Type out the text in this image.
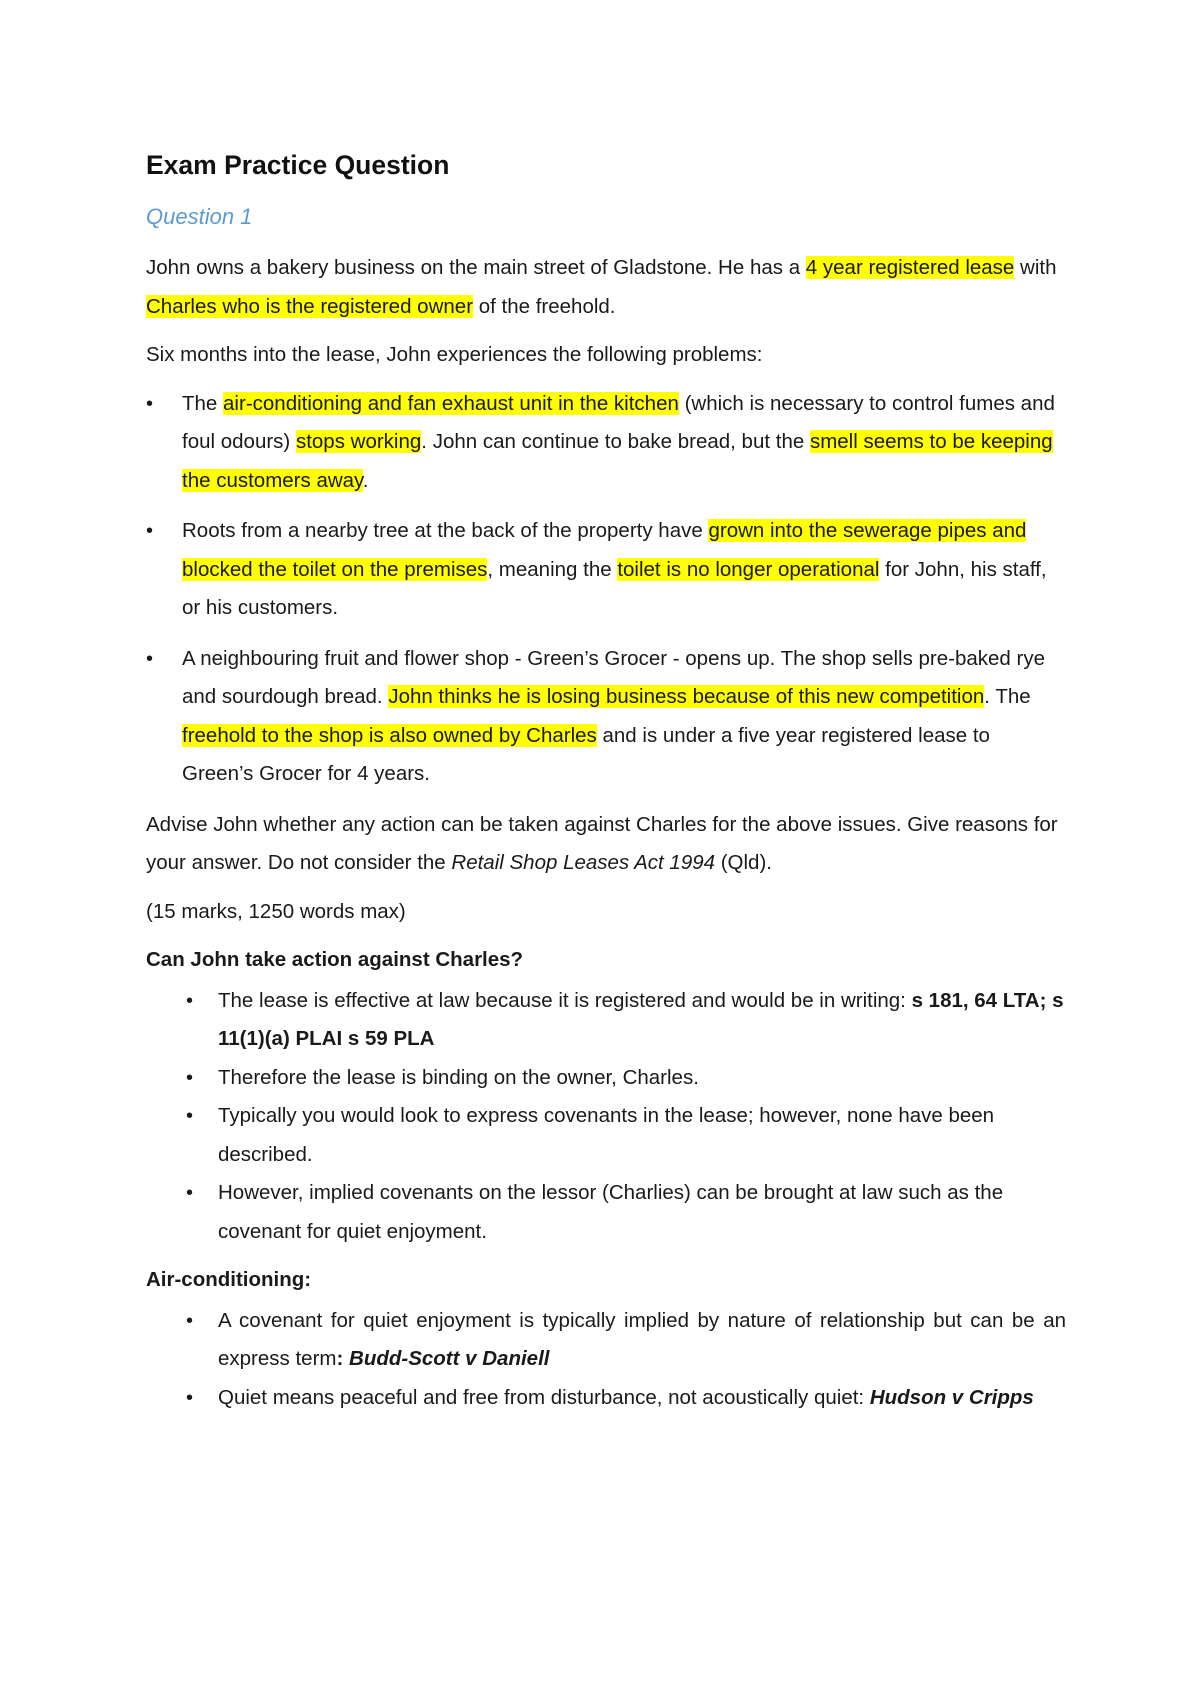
Exam Practice Question
Question 1

John owns a bakery business on the main street of Gladstone. He has a 4 year registered lease with Charles who is the registered owner of the freehold.

Six months into the lease, John experiences the following problems:

• The air-conditioning and fan exhaust unit in the kitchen (which is necessary to control fumes and foul odours) stops working. John can continue to bake bread, but the smell seems to be keeping the customers away.
• Roots from a nearby tree at the back of the property have grown into the sewerage pipes and blocked the toilet on the premises, meaning the toilet is no longer operational for John, his staff, or his customers.
• A neighbouring fruit and flower shop - Green’s Grocer - opens up. The shop sells pre-baked rye and sourdough bread. John thinks he is losing business because of this new competition. The freehold to the shop is also owned by Charles and is under a five year registered lease to Green’s Grocer for 4 years.

Advise John whether any action can be taken against Charles for the above issues. Give reasons for your answer. Do not consider the Retail Shop Leases Act 1994 (Qld).

(15 marks, 1250 words max)

Can John take action against Charles?

• The lease is effective at law because it is registered and would be in writing: s 181, 64 LTA; s 11(1)(a) PLAI s 59 PLA
• Therefore the lease is binding on the owner, Charles.
• Typically you would look to express covenants in the lease; however, none have been described.
• However, implied covenants on the lessor (Charlies) can be brought at law such as the covenant for quiet enjoyment.

Air-conditioning:

• A covenant for quiet enjoyment is typically implied by nature of relationship but can be an express term: Budd-Scott v Daniell
• Quiet means peaceful and free from disturbance, not acoustically quiet: Hudson v Cripps
